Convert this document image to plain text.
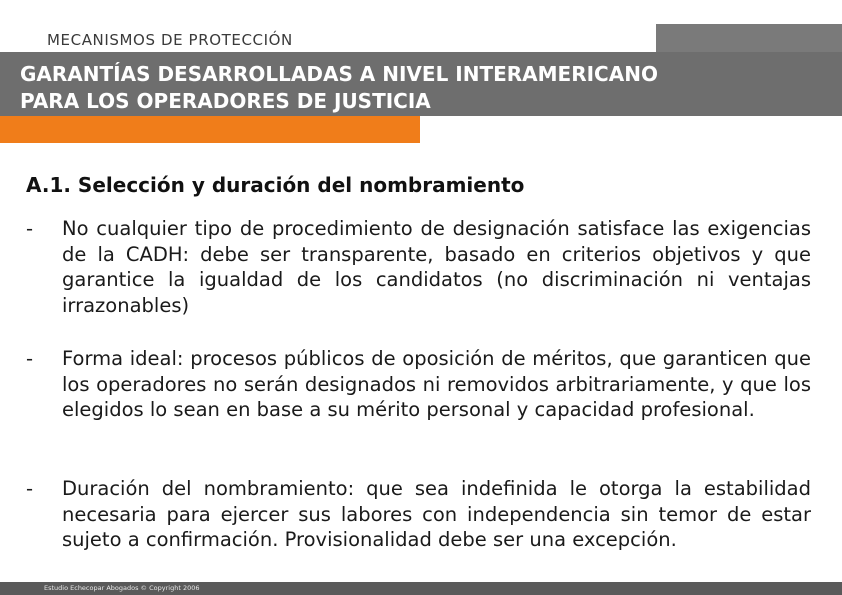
MECANISMOS DE PROTECCIÓN
GARANTÍAS DESARROLLADAS A NIVEL INTERAMERICANO
PARA LOS OPERADORES DE JUSTICIA
A.1. Selección y duración del nombramiento
-	No cualquier tipo de procedimiento de designación satisface las exigencias de la CADH: debe ser transparente, basado en criterios objetivos y que garantice la igualdad de los candidatos (no discriminación ni ventajas irrazonables)
-	Forma ideal: procesos públicos de oposición de méritos, que garanticen que los operadores no serán designados ni removidos arbitrariamente, y que los elegidos lo sean en base a su mérito personal y capacidad profesional.
-	Duración del nombramiento: que sea indefinida le otorga la estabilidad necesaria para ejercer sus labores con independencia sin temor de estar sujeto a confirmación. Provisionalidad debe ser una excepción.
Estudio Echecopar Abogados © Copyright 2006
